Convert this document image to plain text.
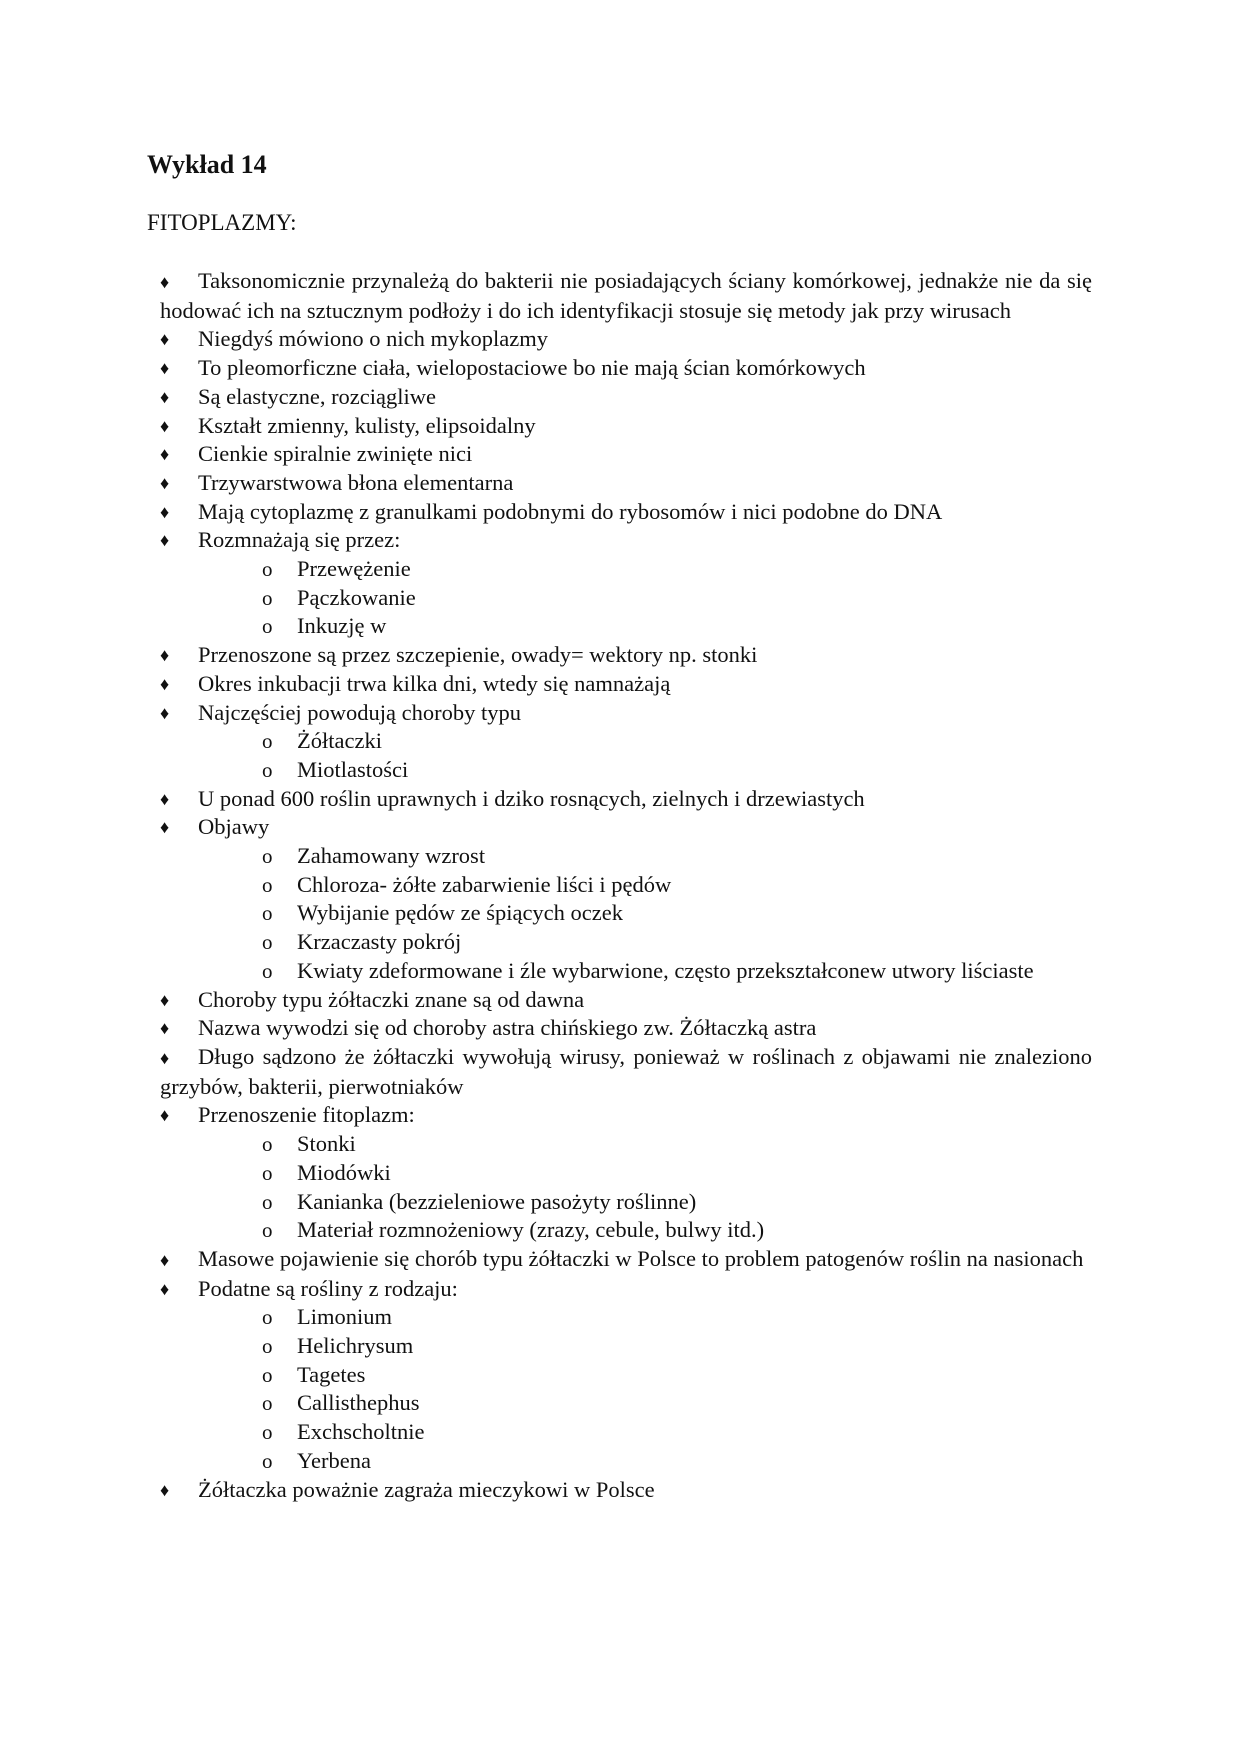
Wykład 14
FITOPLAZMY:
♦ Taksonomicznie przynależą do bakterii nie posiadających ściany komórkowej, jednakże nie da się hodować ich na sztucznym podłoży i do ich identyfikacji stosuje się metody jak przy wirusach
♦ Niegdyś mówiono o nich mykoplazmy
♦ To pleomorficzne ciała, wielopostaciowe bo nie mają ścian komórkowych
♦ Są elastyczne, rozciągliwe
♦ Kształt zmienny, kulisty, elipsoidalny
♦ Cienkie spiralnie zwinięte nici
♦ Trzywarstwowa błona elementarna
♦ Mają cytoplazmę z granulkami podobnymi do rybosomów i nici podobne do DNA
♦ Rozmnażają się przez:
o Przewężenie
o Pączkowanie
o Inkuzję w
♦ Przenoszone są przez szczepienie, owady= wektory np. stonki
♦ Okres inkubacji trwa kilka dni, wtedy się namnażają
♦ Najczęściej powodują choroby typu
o Żółtaczki
o Miotlastości
♦ U ponad 600 roślin uprawnych i dziko rosnących, zielnych i drzewiastych
♦ Objawy
o Zahamowany wzrost
o Chloroza- żółte zabarwienie liści i pędów
o Wybijanie pędów ze śpiących oczek
o Krzaczasty pokrój
o Kwiaty zdeformowane i źle wybarwione, często przekształconew utwory liściaste
♦ Choroby typu żółtaczki znane są od dawna
♦ Nazwa wywodzi się od choroby astra chińskiego zw. Żółtaczką astra
♦ Długo sądzono że żółtaczki wywołują wirusy, ponieważ w roślinach z objawami nie znaleziono grzybów, bakterii, pierwotniaków
♦ Przenoszenie fitoplazm:
o Stonki
o Miodówki
o Kanianka (bezzieleniowe pasożyty roślinne)
o Materiał rozmnożeniowy (zrazy, cebule, bulwy itd.)
♦ Masowe pojawienie się chorób typu żółtaczki w Polsce to problem patogenów roślin na nasionach
♦ Podatne są rośliny z rodzaju:
o Limonium
o Helichrysum
o Tagetes
o Callisthephus
o Exchscholtnie
o Yerbena
♦ Żółtaczka poważnie zagraża mieczykowi w Polsce
